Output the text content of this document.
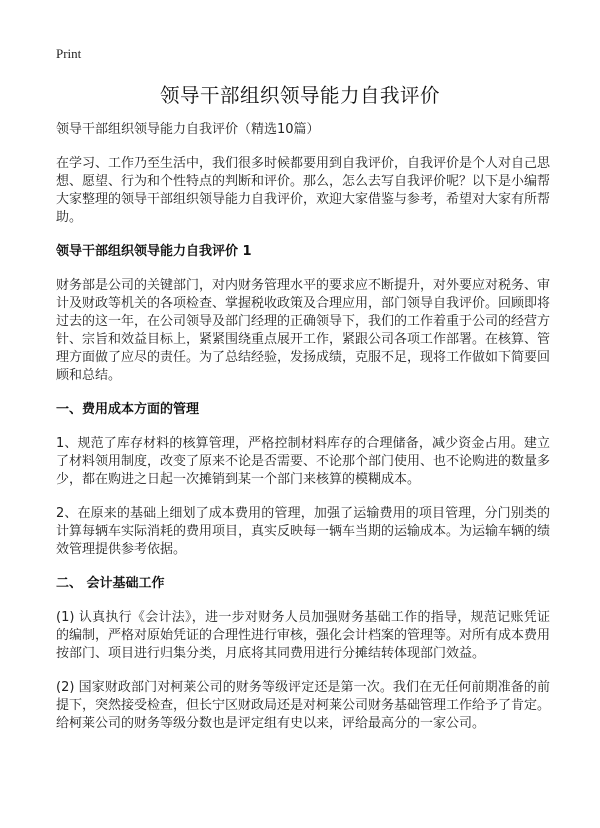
Print
领导干部组织领导能力自我评价

领导干部组织领导能力自我评价（精选10篇）

在学习、工作乃至生活中，我们很多时候都要用到自我评价，自我评价是个人对自己思想、愿望、行为和个性特点的判断和评价。那么，怎么去写自我评价呢？以下是小编帮大家整理的领导干部组织领导能力自我评价，欢迎大家借鉴与参考，希望对大家有所帮助。

领导干部组织领导能力自我评价 1

财务部是公司的关键部门，对内财务管理水平的要求应不断提升，对外要应对税务、审计及财政等机关的各项检查、掌握税收政策及合理应用，部门领导自我评价。回顾即将过去的这一年，在公司领导及部门经理的正确领导下，我们的工作着重于公司的经营方针、宗旨和效益目标上，紧紧围绕重点展开工作，紧跟公司各项工作部署。在核算、管理方面做了应尽的责任。为了总结经验，发扬成绩，克服不足，现将工作做如下简要回顾和总结。

一、费用成本方面的管理

1、规范了库存材料的核算管理，严格控制材料库存的合理储备，减少资金占用。建立了材料领用制度，改变了原来不论是否需要、不论那个部门使用、也不论购进的数量多少，都在购进之日起一次摊销到某一个部门来核算的模糊成本。

2、在原来的基础上细划了成本费用的管理，加强了运输费用的项目管理，分门别类的计算每辆车实际消耗的费用项目，真实反映每一辆车当期的运输成本。为运输车辆的绩效管理提供参考依据。

二、 会计基础工作

(1) 认真执行《会计法》，进一步对财务人员加强财务基础工作的指导，规范记账凭证的编制，严格对原始凭证的合理性进行审核，强化会计档案的管理等。对所有成本费用按部门、项目进行归集分类，月底将其同费用进行分摊结转体现部门效益。

(2) 国家财政部门对柯莱公司的财务等级评定还是第一次。我们在无任何前期准备的前提下，突然接受检查，但长宁区财政局还是对柯莱公司财务基础管理工作给予了肯定。给柯莱公司的财务等级分数也是评定组有史以来，评给最高分的一家公司。
